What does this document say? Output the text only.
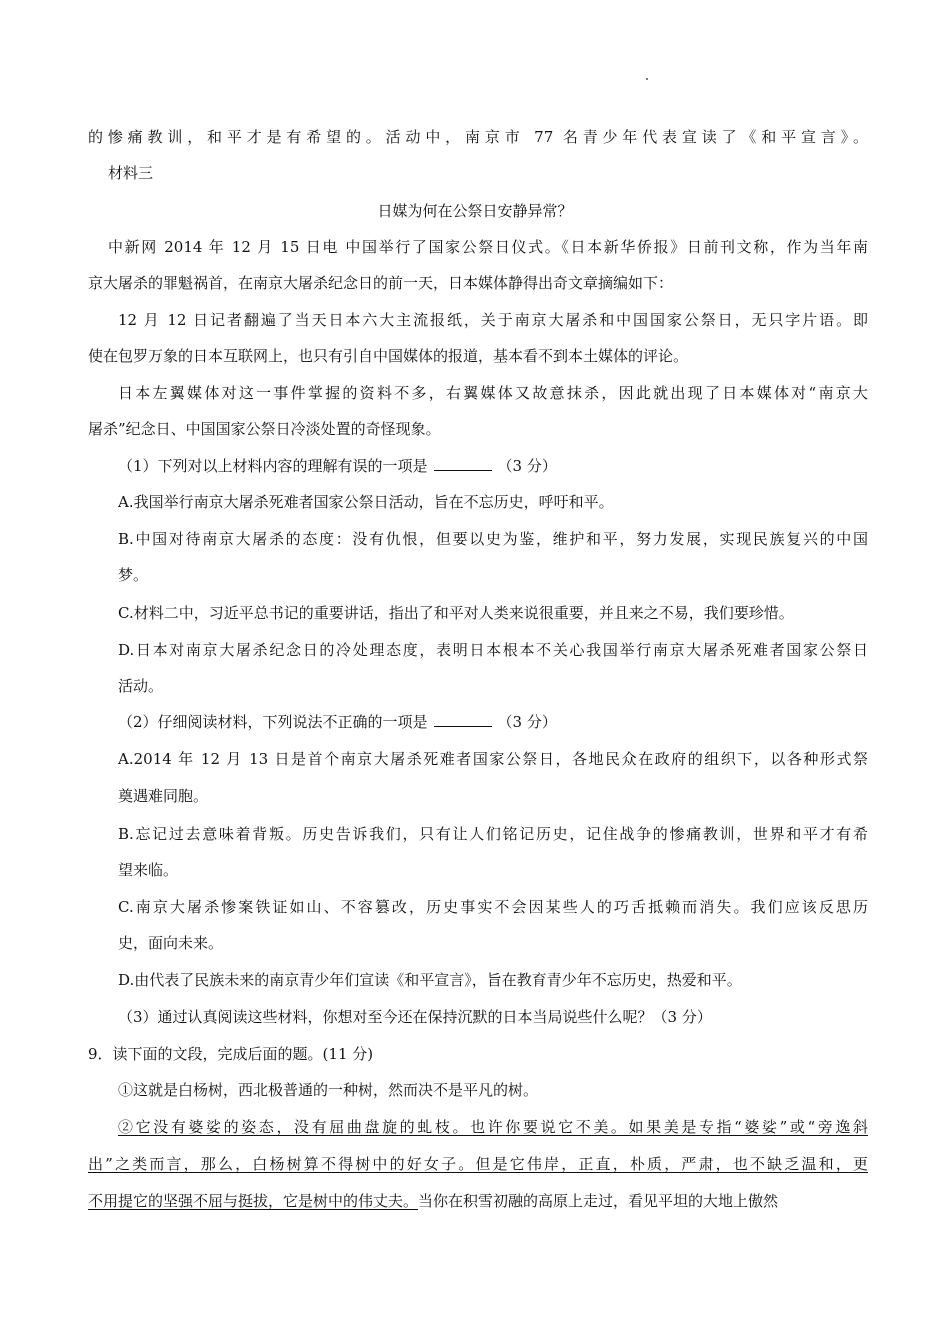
的惨痛教训，和平才是有希望的。活动中，南京市 77 名青少年代表宣读了《和平宣言》。
材料三
日媒为何在公祭日安静异常？
中新网 2014 年 12 月 15 日电 中国举行了国家公祭日仪式。《日本新华侨报》日前刊文称，作为当年南
京大屠杀的罪魁祸首，在南京大屠杀纪念日的前一天，日本媒体静得出奇文章摘编如下：
12 月 12 日记者翻遍了当天日本六大主流报纸，关于南京大屠杀和中国国家公祭日，无只字片语。即
使在包罗万象的日本互联网上，也只有引自中国媒体的报道，基本看不到本土媒体的评论。
日本左翼媒体对这一事件掌握的资料不多，右翼媒体又故意抹杀，因此就出现了日本媒体对“南京大
屠杀”纪念日、中国国家公祭日冷淡处置的奇怪现象。
（1）下列对以上材料内容的理解有误的一项是	（3 分）
A.我国举行南京大屠杀死难者国家公祭日活动，旨在不忘历史，呼吁和平。
B.中国对待南京大屠杀的态度：没有仇恨，但要以史为鉴，维护和平，努力发展，实现民族复兴的中国
梦。
C.材料二中，习近平总书记的重要讲话，指出了和平对人类来说很重要，并且来之不易，我们要珍惜。
D.日本对南京大屠杀纪念日的冷处理态度，表明日本根本不关心我国举行南京大屠杀死难者国家公祭日
活动。
（2）仔细阅读材料，下列说法不正确的一项是	（3 分）
A.2014 年 12 月 13 日是首个南京大屠杀死难者国家公祭日，各地民众在政府的组织下，以各种形式祭
奠遇难同胞。
B.忘记过去意味着背叛。历史告诉我们，只有让人们铭记历史，记住战争的惨痛教训，世界和平才有希
望来临。
C.南京大屠杀惨案铁证如山、不容篡改，历史事实不会因某些人的巧舌抵赖而消失。我们应该反思历
史，面向未来。
D.由代表了民族未来的南京青少年们宣读《和平宣言》，旨在教育青少年不忘历史，热爱和平。
（3）通过认真阅读这些材料，你想对至今还在保持沉默的日本当局说些什么呢？（3 分）
9．读下面的文段，完成后面的题。(11 分)
①这就是白杨树，西北极普通的一种树，然而决不是平凡的树。
②它没有婆娑的姿态，没有屈曲盘旋的虬枝。也许你要说它不美。如果美是专指“婆娑”或“旁逸斜
出”之类而言，那么，白杨树算不得树中的好女子。但是它伟岸，正直，朴质，严肃，也不缺乏温和，更
不用提它的坚强不屈与挺拔，它是树中的伟丈夫。当你在积雪初融的高原上走过，看见平坦的大地上傲然
